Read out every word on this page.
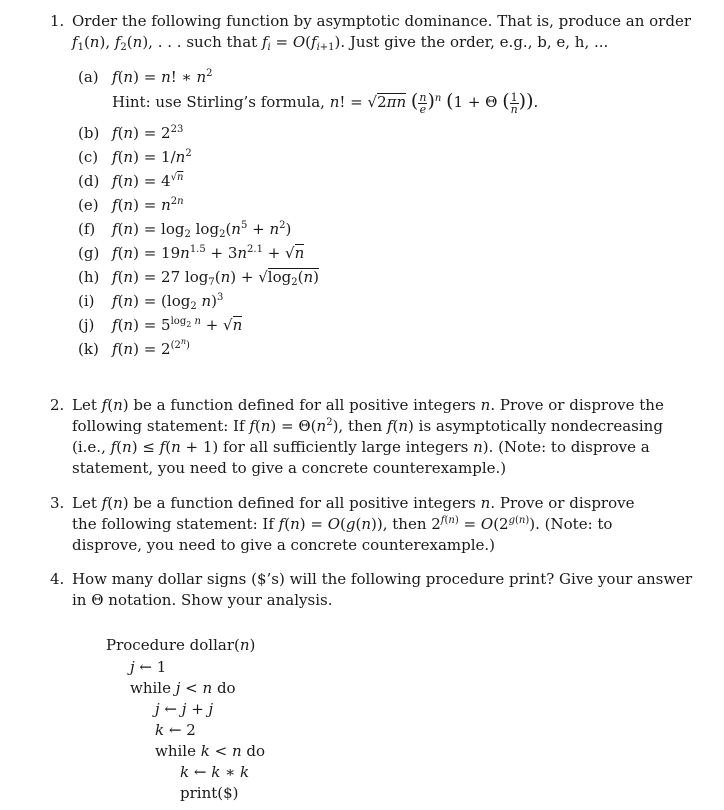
1. Order the following function by asymptotic dominance. That is, produce an order
$f_1(n)$, $f_2(n)$, . . . such that $f_i = O(f_{i+1})$. Just give the order, e.g., b, e, h, ...
(a) f(n) = n! ∗ $n^2$
Hint: use Stirling’s formula, n! = √2πn ( $\frac{n}{e} )^n$ (1 + Θ ( $\frac{1}{n}$ )).
(b) $f(n) = 2^{23}$
(c) $f(n) = 1/n^2$
(d) $f(n) = 4^{√n}$
(e) $f(n) = n^{2n}$
(f) $f(n) = \log_2 \log_2(n^5 + n^2)$
(g) $f(n) = 19n^{1.5} + 3n^{2.1} + √n$
(h) f(n) = 27 $\log_7(n) + √\log_2(n)$
(i) $f(n) = (\log_2$ n)$^3$
(j) $f(n) = 5^{log_2 n} + √n$
(k) $f(n) = 2^{(2^n)}$
2. Let f(n) be a function defined for all positive integers n. Prove or disprove the
following statement: If $f(n) = \Theta(n^2)$, then f(n) is asymptotically nondecreasing
(i.e., f(n) ≤ f(n + 1) for all sufficiently large integers n). (Note: to disprove a
statement, you need to give a concrete counterexample.)
3. Let f(n) be a function defined for all positive integers n. Prove or disprove
the following statement: If f(n) = O(g(n)), then $2^{f(n)} = O(2^{g(n)})$. (Note: to
disprove, you need to give a concrete counterexample.)
4. How many dollar signs ($’s) will the following procedure print? Give your answer
in Θ notation. Show your analysis.
Procedure dollar(n)
j ← 1
while j < n do
j ← j + j
k ← 2
while k < n do
k ← k ∗ k
print($)
